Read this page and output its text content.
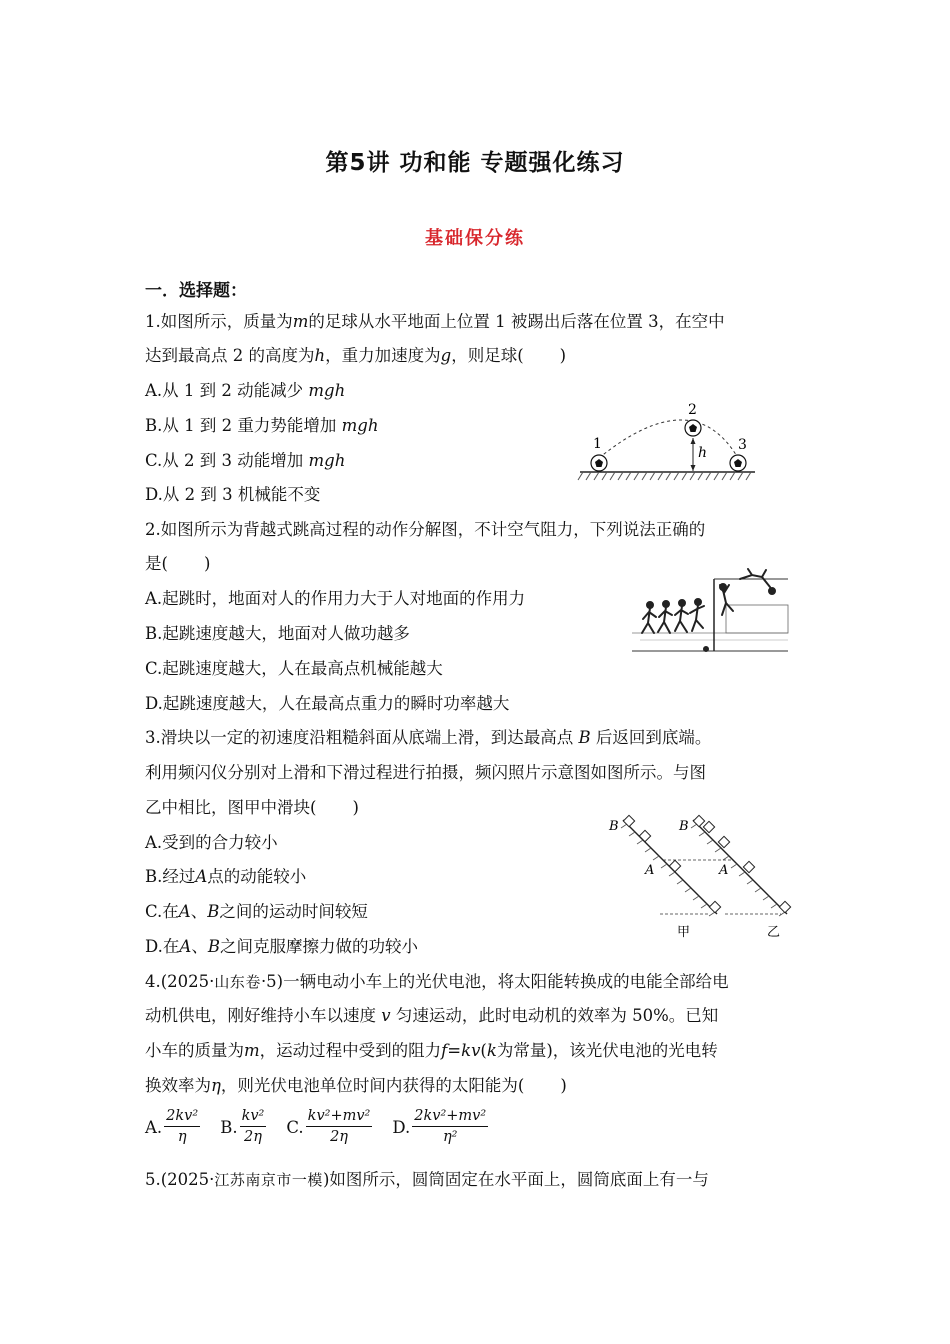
第5讲 功和能 专题强化练习
基础保分练
一．选择题：
1.如图所示，质量为m的足球从水平地面上位置 1 被踢出后落在位置 3，在空中
达到最高点 2 的高度为h，重力加速度为g，则足球( )
A.从 1 到 2 动能减少 mgh
B.从 1 到 2 重力势能增加 mgh
C.从 2 到 3 动能增加 mgh
D.从 2 到 3 机械能不变
1
2
3
h
2.如图所示为背越式跳高过程的动作分解图，不计空气阻力，下列说法正确的
是( )
A.起跳时，地面对人的作用力大于人对地面的作用力
B.起跳速度越大，地面对人做功越多
C.起跳速度越大，人在最高点机械能越大
D.起跳速度越大，人在最高点重力的瞬时功率越大
3.滑块以一定的初速度沿粗糙斜面从底端上滑，到达最高点 B 后返回到底端。
利用频闪仪分别对上滑和下滑过程进行拍摄，频闪照片示意图如图所示。与图
乙中相比，图甲中滑块( )
A.受到的合力较小
B.经过A点的动能较小
C.在A、B之间的运动时间较短
D.在A、B之间克服摩擦力做的功较小
B
A
B
A
甲	乙
4.(2025·山东卷·5)一辆电动小车上的光伏电池，将太阳能转换成的电能全部给电
动机供电，刚好维持小车以速度 v 匀速运动，此时电动机的效率为 50%。已知
小车的质量为m，运动过程中受到的阻力f=kv(k为常量)，该光伏电池的光电转
换效率为η，则光伏电池单位时间内获得的太阳能为( )
A. $\frac{\text{2kv²}}{\eta} B$. $\frac{\text{kv²}}{2\eta} C$. $\frac{\text{kv²+mv²}}{2\eta} D$. $\frac{\text{2kv²+mv²}}{\text{η²}}$
5.(2025·江苏南京市一模)如图所示，圆筒固定在水平面上，圆筒底面上有一与
